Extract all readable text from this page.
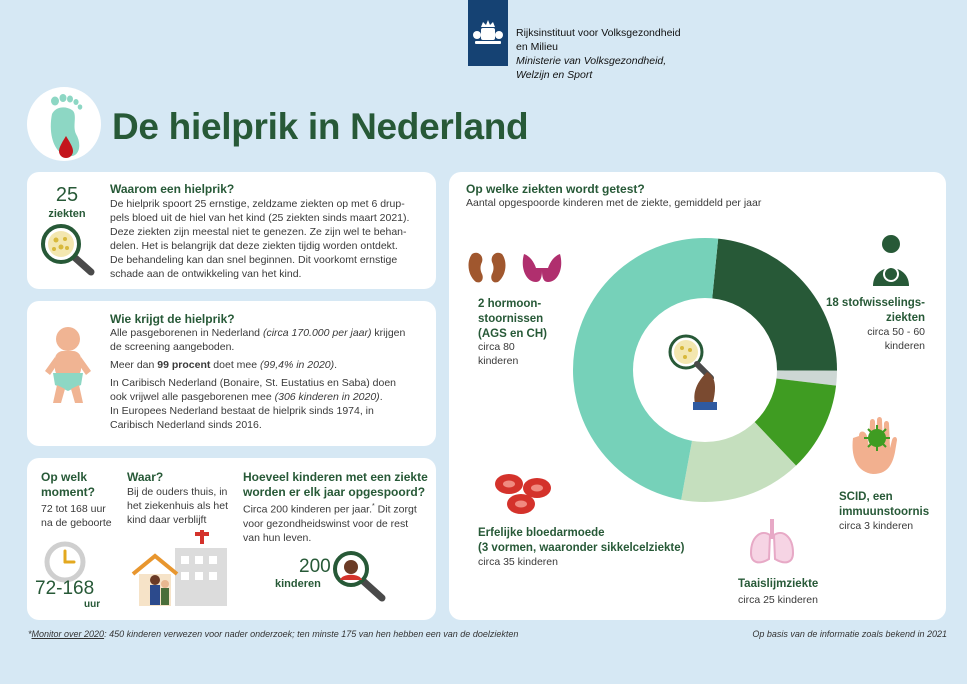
Rijksinstituut voor Volksgezondheid
en Milieu
Ministerie van Volksgezondheid,
Welzijn en Sport
De hielprik in Nederland
25
ziekten
Waarom een hielprik?
De hielprik spoort 25 ernstige, zeldzame ziekten op met 6 drup-
pels bloed uit de hiel van het kind (25 ziekten sinds maart 2021).
Deze ziekten zijn meestal niet te genezen. Ze zijn wel te behan-
delen. Het is belangrijk dat deze ziekten tijdig worden ontdekt.
De behandeling kan dan snel beginnen. Dit voorkomt ernstige
schade aan de ontwikkeling van het kind.
Wie krijgt de hielprik?
Alle pasgeborenen in Nederland (circa 170.000 per jaar) krijgen
de screening aangeboden.
Meer dan 99 procent doet mee (99,4% in 2020).
In Caribisch Nederland (Bonaire, St. Eustatius en Saba) doen
ook vrijwel alle pasgeborenen mee (306 kinderen in 2020).
In Europees Nederland bestaat de hielprik sinds 1974, in
Caribisch Nederland sinds 2016.
Op welk
moment?
72 tot 168 uur
na de geboorte
72-168
uur
Waar?
Bij de ouders thuis, in
het ziekenhuis als het
kind daar verblijft
Hoeveel kinderen met een ziekte
worden er elk jaar opgespoord?
Circa 200 kinderen per jaar.* Dit zorgt
voor gezondheidswinst voor de rest
van hun leven.
200
kinderen
Op welke ziekten wordt getest?
Aantal opgespoorde kinderen met de ziekte, gemiddeld per jaar
2 hormoon-
stoornissen
(AGS en CH)
circa 80
kinderen
18 stofwisselings-
ziekten
circa 50 - 60
kinderen
SCID, een
immuunstoornis
circa 3 kinderen
Taaislijmziekte
circa 25 kinderen
Erfelijke bloedarmoede
(3 vormen, waaronder sikkelcelziekte)
circa 35 kinderen
*Monitor over 2020: 450 kinderen verwezen voor nader onderzoek; ten minste 175 van hen hebben een van de doelziekten	Op basis van de informatie zoals bekend in 2021
